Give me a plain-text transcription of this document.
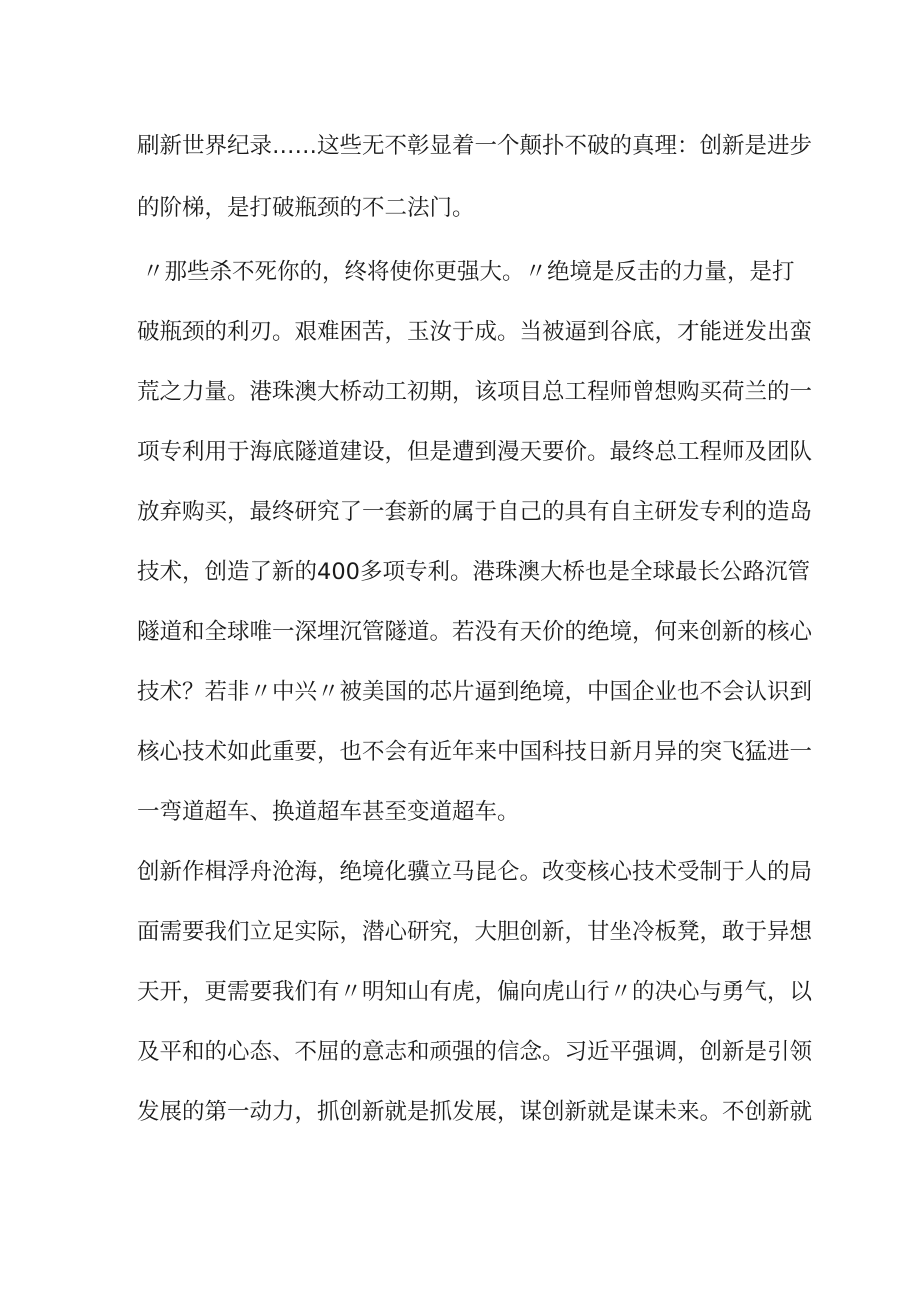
刷新世界纪录……这些无不彰显着一个颠扑不破的真理：创新是进步
的阶梯，是打破瓶颈的不二法门。
〃那些杀不死你的，终将使你更强大。〃绝境是反击的力量，是打
破瓶颈的利刃。艰难困苦，玉汝于成。当被逼到谷底，才能迸发出蛮
荒之力量。港珠澳大桥动工初期，该项目总工程师曾想购买荷兰的一
项专利用于海底隧道建设，但是遭到漫天要价。最终总工程师及团队
放弃购买，最终研究了一套新的属于自己的具有自主研发专利的造岛
技术，创造了新的400多项专利。港珠澳大桥也是全球最长公路沉管
隧道和全球唯一深埋沉管隧道。若没有天价的绝境，何来创新的核心
技术？若非〃中兴〃被美国的芯片逼到绝境，中国企业也不会认识到
核心技术如此重要，也不会有近年来中国科技日新月异的突飞猛进一
一弯道超车、换道超车甚至变道超车。
创新作楫浮舟沧海，绝境化骥立马昆仑。改变核心技术受制于人的局
面需要我们立足实际，潜心研究，大胆创新，甘坐冷板凳，敢于异想
天开，更需要我们有〃明知山有虎，偏向虎山行〃的决心与勇气，以
及平和的心态、不屈的意志和顽强的信念。习近平强调，创新是引领
发展的第一动力，抓创新就是抓发展，谋创新就是谋未来。不创新就
